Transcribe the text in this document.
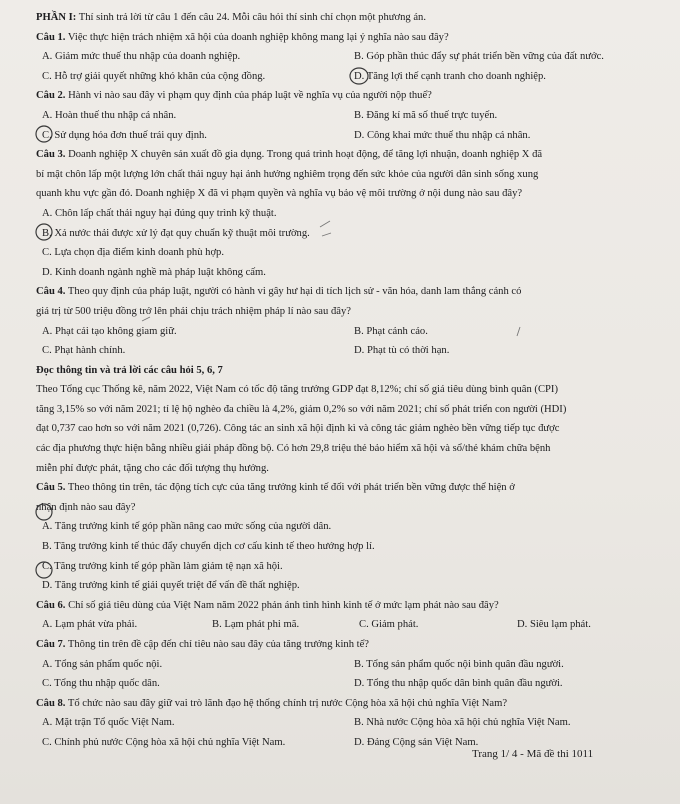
PHẦN I: Thí sinh trả lời từ câu 1 đến câu 24. Mỗi câu hỏi thí sinh chỉ chọn một phương án.
Câu 1. Việc thực hiện trách nhiệm xã hội của doanh nghiệp không mang lại ý nghĩa nào sau đây?
A. Giảm mức thuế thu nhập của doanh nghiệp.	B. Góp phần thúc đẩy sự phát triển bền vững của đất nước.
C. Hỗ trợ giải quyết những khó khăn của cộng đồng.	D. Tăng lợi thế cạnh tranh cho doanh nghiệp.
Câu 2. Hành vi nào sau đây vi phạm quy định của pháp luật về nghĩa vụ của người nộp thuế?
A. Hoàn thuế thu nhập cá nhân.	B. Đăng kí mã số thuế trực tuyến.
C. Sử dụng hóa đơn thuế trái quy định.	D. Công khai mức thuế thu nhập cá nhân.
Câu 3. Doanh nghiệp X chuyên sản xuất đồ gia dụng. Trong quá trình hoạt động, để tăng lợi nhuận, doanh nghiệp X đã
bí mật chôn lấp một lượng lớn chất thải nguy hại ảnh hưởng nghiêm trọng đến sức khỏe của người dân sinh sống xung
quanh khu vực gần đó. Doanh nghiệp X đã vi phạm quyền và nghĩa vụ bảo vệ môi trường ở nội dung nào sau đây?
A. Chôn lấp chất thải nguy hại đúng quy trình kỹ thuật.
B. Xả nước thải được xử lý đạt quy chuẩn kỹ thuật môi trường.
C. Lựa chọn địa điểm kinh doanh phù hợp.
D. Kinh doanh ngành nghề mà pháp luật không cấm.
Câu 4. Theo quy định của pháp luật, người có hành vi gây hư hại di tích lịch sử - văn hóa, danh lam thắng cảnh có
giá trị từ 500 triệu đồng trở lên phải chịu trách nhiệm pháp lí nào sau đây?
A. Phạt cải tạo không giam giữ.	B. Phạt cảnh cáo.
C. Phạt hành chính.	D. Phạt tù có thời hạn.
Đọc thông tin và trả lời các câu hỏi 5, 6, 7
Theo Tổng cục Thống kê, năm 2022, Việt Nam có tốc độ tăng trưởng GDP đạt 8,12%; chỉ số giá tiêu dùng bình quân (CPI)
tăng 3,15% so với năm 2021; tỉ lệ hộ nghèo đa chiều là 4,2%, giảm 0,2% so với năm 2021; chỉ số phát triển con người (HDI)
đạt 0,737 cao hơn so với năm 2021 (0,726). Công tác an sinh xã hội định kì và công tác giảm nghèo bền vững tiếp tục được
các địa phương thực hiện bằng nhiều giải pháp đồng bộ. Có hơn 29,8 triệu thẻ bảo hiểm xã hội và sổ/thẻ khám chữa bệnh
miễn phí được phát, tặng cho các đối tượng thụ hưởng.
Câu 5. Theo thông tin trên, tác động tích cực của tăng trưởng kinh tế đối với phát triển bền vững được thể hiện ở
nhận định nào sau đây?
A. Tăng trưởng kinh tế góp phần nâng cao mức sống của người dân.
B. Tăng trưởng kinh tế thúc đẩy chuyển dịch cơ cấu kinh tế theo hướng hợp lí.
C. Tăng trưởng kinh tế góp phần làm giảm tệ nạn xã hội.
D. Tăng trưởng kinh tế giải quyết triệt để vấn đề thất nghiệp.
Câu 6. Chỉ số giá tiêu dùng của Việt Nam năm 2022 phản ánh tình hình kinh tế ở mức lạm phát nào sau đây?
A. Lạm phát vừa phải.	B. Lạm phát phi mã.	C. Giảm phát.	D. Siêu lạm phát.
Câu 7. Thông tin trên đề cập đến chỉ tiêu nào sau đây của tăng trưởng kinh tế?
A. Tổng sản phẩm quốc nội.	B. Tổng sản phẩm quốc nội bình quân đầu người.
C. Tổng thu nhập quốc dân.	D. Tổng thu nhập quốc dân bình quân đầu người.
Câu 8. Tổ chức nào sau đây giữ vai trò lãnh đạo hệ thống chính trị nước Cộng hòa xã hội chủ nghĩa Việt Nam?
A. Mặt trận Tổ quốc Việt Nam.	B. Nhà nước Cộng hòa xã hội chủ nghĩa Việt Nam.
C. Chính phủ nước Cộng hòa xã hội chủ nghĩa Việt Nam.	D. Đảng Cộng sản Việt Nam.
Trang 1/ 4 - Mã đề thi 1011
